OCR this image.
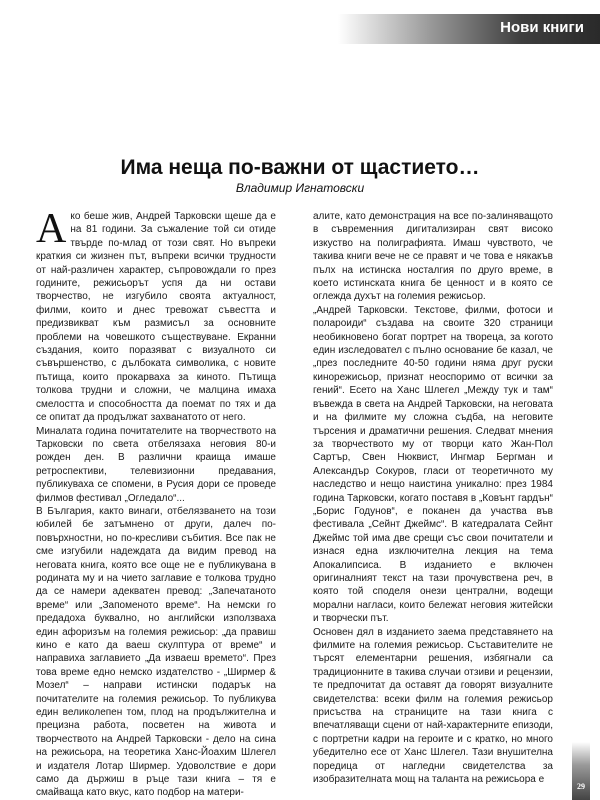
Нови книги
Има неща по-важни от щастието…
Владимир Игнатовски

Ако беше жив, Андрей Тарковски щеше да е на 81 години. За съжаление той си отиде твърде по-млад от този свят. Но въпреки краткия си жизнен път, въпреки всички трудности от най-различен характер, съпровождали го през годините, режисьорът успя да ни остави творчество, не изгубило своята актуалност, филми, които и днес тревожат съвестта и предизвикват към размисъл за основните проблеми на човешкото съществуване. Екранни създания, които поразяват с визуалното си съвършенство, с дълбоката символика, с новите пътища, които прокарваха за киното. Пътища толкова трудни и сложни, че малцина имаха смелостта и способността да поемат по тях и да се опитат да продължат захванатото от него.

Миналата година почитателите на творчеството на Тарковски по света отбелязаха неговия 80-и рожден ден. В различни краища имаше ретроспективи, телевизионни предавания, публикуваха се спомени, в Русия дори се проведе филмов фестивал „Огледало“...

В България, както винаги, отбелязването на този юбилей бе затъмнено от други, далеч по-повърхностни, но по-кресливи събития. Все пак не сме изгубили надеждата да видим превод на неговата книга, която все още не е публикувана в родината му и на чието заглавие е толкова трудно да се намери адекватен превод: „Запечатаното време“ или „Запоменото време“. На немски го предадоха буквално, но английски използваха един афоризъм на големия режисьор: „да правиш кино е като да ваеш скулптура от време“ и направиха заглавието „Да изваеш времето“. През това време едно немско издателство - „Ширмер & Мозел“ – направи истински подарък на почитателите на големия режисьор. То публикува един великолепен том, плод на продължителна и прецизна работа, посветен на живота и творчеството на Андрей Тарковски - дело на сина на режисьора, на теоретика Ханс-Йоахим Шлегел и издателя Лотар Ширмер. Удоволствие е дори само да държиш в ръце тази книга – тя е смайваща като вкус, като подбор на матери-

алите, като демонстрация на все по-залиняващото в съвременния дигитализиран свят високо изкуство на полиграфията. Имаш чувството, че такива книги вече не се правят и че това е някакъв пълх на истинска носталгия по друго време, в което истинската книга бе ценност и в която се оглежда духът на големия режисьор.

„Андрей Тарковски. Текстове, филми, фотоси и полароиди“ създава на своите 320 страници необикновено богат портрет на твореца, за когото един изследовател с пълно основание бе казал, че „през последните 40-50 години няма друг руски кинорежисьор, признат неоспоримо от всички за гений“. Есето на Ханс Шлегел „Между тук и там“ въвежда в света на Андрей Тарковски, на неговата и на филмите му сложна съдба, на неговите търсения и драматични решения. Следват мнения за творчеството му от творци като Жан-Пол Сартър, Свен Нюквист, Ингмар Бергман и Александър Сокуров, гласи от теоретичното му наследство и нещо наистина уникално: през 1984 година Тарковски, когато поставя в „Ковънт гардън“ „Борис Годунов“, е поканен да участва във фестивала „Сейнт Джеймс“. В катедралата Сейнт Джеймс той има две срещи със свои почитатели и изнася една изключителна лекция на тема Апокалипсиса. В изданието е включен оригиналният текст на тази прочувствена реч, в която той споделя онези централни, водещи морални нагласи, които бележат неговия житейски и творчески път.

Основен дял в изданието заема представянето на филмите на големия режисьор. Съставителите не търсят елементарни решения, избягнали са традиционните в такива случаи отзиви и рецензии, те предпочитат да оставят да говорят визуалните свидетелства: всеки филм на големия режисьор присъства на страниците на тази книга с впечатляващи сцени от най-характерните епизоди, с портретни кадри на героите и с кратко, но много убедително есе от Ханс Шлегел. Тази внушителна поредица от нагледни свидетелства за изобразителната мощ на таланта на режисьора е

29
